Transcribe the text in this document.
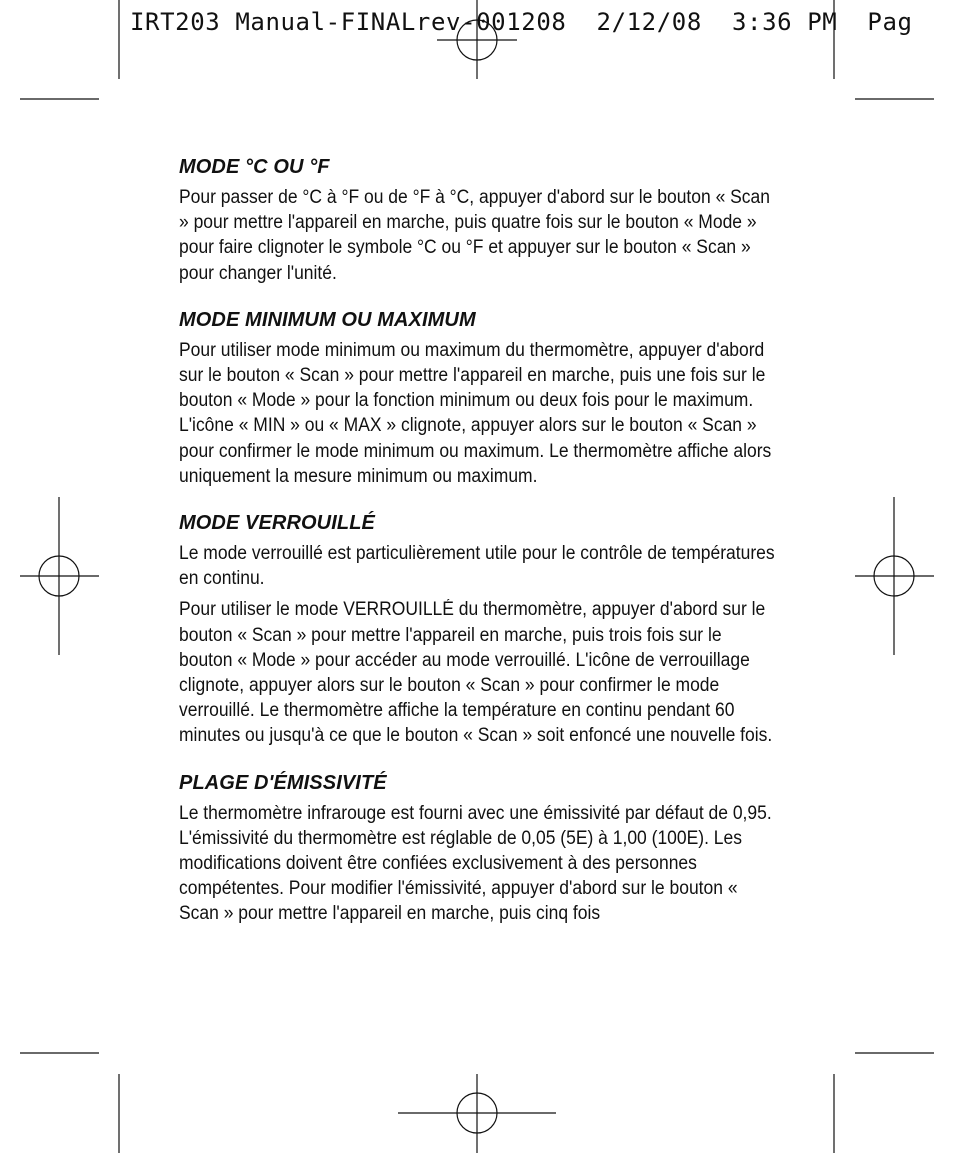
IRT203 Manual-FINALrev-001208  2/12/08  3:36 PM  Pag
MODE °C OU °F

Pour passer de °C à °F ou de °F à °C, appuyer d'abord sur le bouton « Scan » pour mettre l'appareil en marche, puis quatre fois sur le bouton « Mode » pour faire clignoter le symbole °C ou °F et appuyer sur le bouton « Scan » pour changer l'unité.

MODE MINIMUM OU MAXIMUM

Pour utiliser mode minimum ou maximum du thermomètre, appuyer d'abord sur le bouton « Scan » pour mettre l'appareil en marche, puis une fois sur le bouton « Mode » pour la fonction minimum ou deux fois pour le maximum. L'icône « MIN » ou « MAX » clignote, appuyer alors sur le bouton « Scan » pour confirmer le mode minimum ou maximum. Le thermomètre affiche alors uniquement la mesure minimum ou maximum.

MODE VERROUILLÉ

Le mode verrouillé est particulièrement utile pour le contrôle de températures en continu.

Pour utiliser le mode VERROUILLÉ du thermomètre, appuyer d'abord sur le bouton « Scan » pour mettre l'appareil en marche, puis trois fois sur le bouton « Mode » pour accéder au mode verrouillé. L'icône de verrouillage clignote, appuyer alors sur le bouton « Scan » pour confirmer le mode verrouillé. Le thermomètre affiche la température en continu pendant 60 minutes ou jusqu'à ce que le bouton « Scan » soit enfoncé une nouvelle fois.

PLAGE D'ÉMISSIVITÉ

Le thermomètre infrarouge est fourni avec une émissivité par défaut de 0,95. L'émissivité du thermomètre est réglable de 0,05 (5E) à 1,00 (100E). Les modifications doivent être confiées exclusivement à des personnes compétentes. Pour modifier l'émissivité, appuyer d'abord sur le bouton « Scan » pour mettre l'appareil en marche, puis cinq fois
